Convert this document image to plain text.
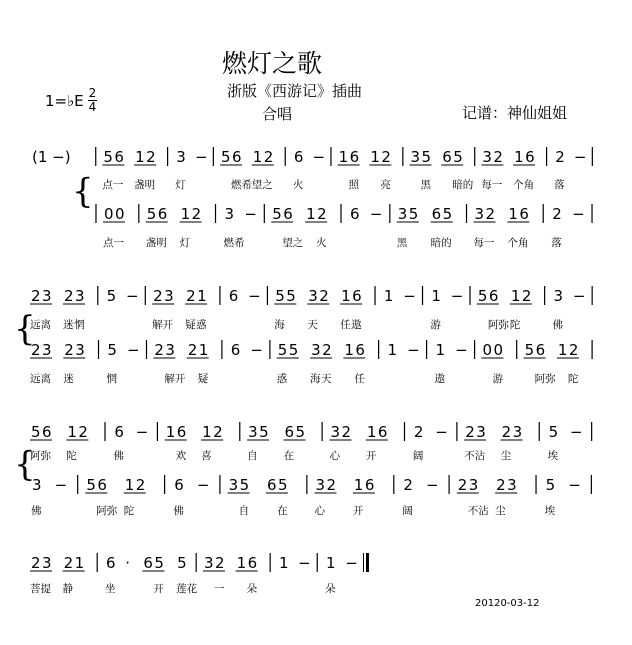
燃灯之歌
浙版《西游记》插曲
合唱	记谱：神仙姐姐
1=♭E 2
4
20120-03-12
{
(1 −) 5 6 1 2 3 − 5 6 1 2 6 − 1 6 1 2 3 5 6 5 3 2 1 6 2 −
点一 盏明 灯	燃希 望之 火	照 亮	黑 暗的 每一 个角 落
0 0 5 6 1 2 3 − 5 6 1 2 6 − 3 5 6 5 3 2 1 6 2 −
点一 盏明 灯	燃希	望之 火	黑 暗的 每一 个角 落
{
2 3 2 3 5 − 2 3 2 1 6 − 5 5 3 2 1 6 1 − 1 − 5 6 1 2 3 −
远离 迷 惘	解开 疑 惑	海 天 任 遨	游	阿弥 陀	佛
2 3 2 3 5 − 2 3 2 1 6 − 5 5 3 2 1 6 1 − 1 − 0 0 5 6 1 2
远离 迷	惘	解开 疑	惑 海 天 任	遨	游	阿弥 陀
{
5 6 1 2 6 − 1 6 1 2 3 5 6 5 3 2 1 6 2 − 2 3 2 3 5 −
阿弥 陀	佛	欢 喜	自 在	心 开	阔	不沾 尘	埃
3 − 5 6 1 2 6 − 3 5 6 5 3 2 1 6 2 − 2 3 2 3 5 −
佛	阿弥 陀	佛	自	在	心	开	阔	不沾 尘	埃
2 3 2 1 6 · 6 5 5 3 2 1 6 1 − 1 −
菩提 静	坐	开 莲花 一 朵	朵
